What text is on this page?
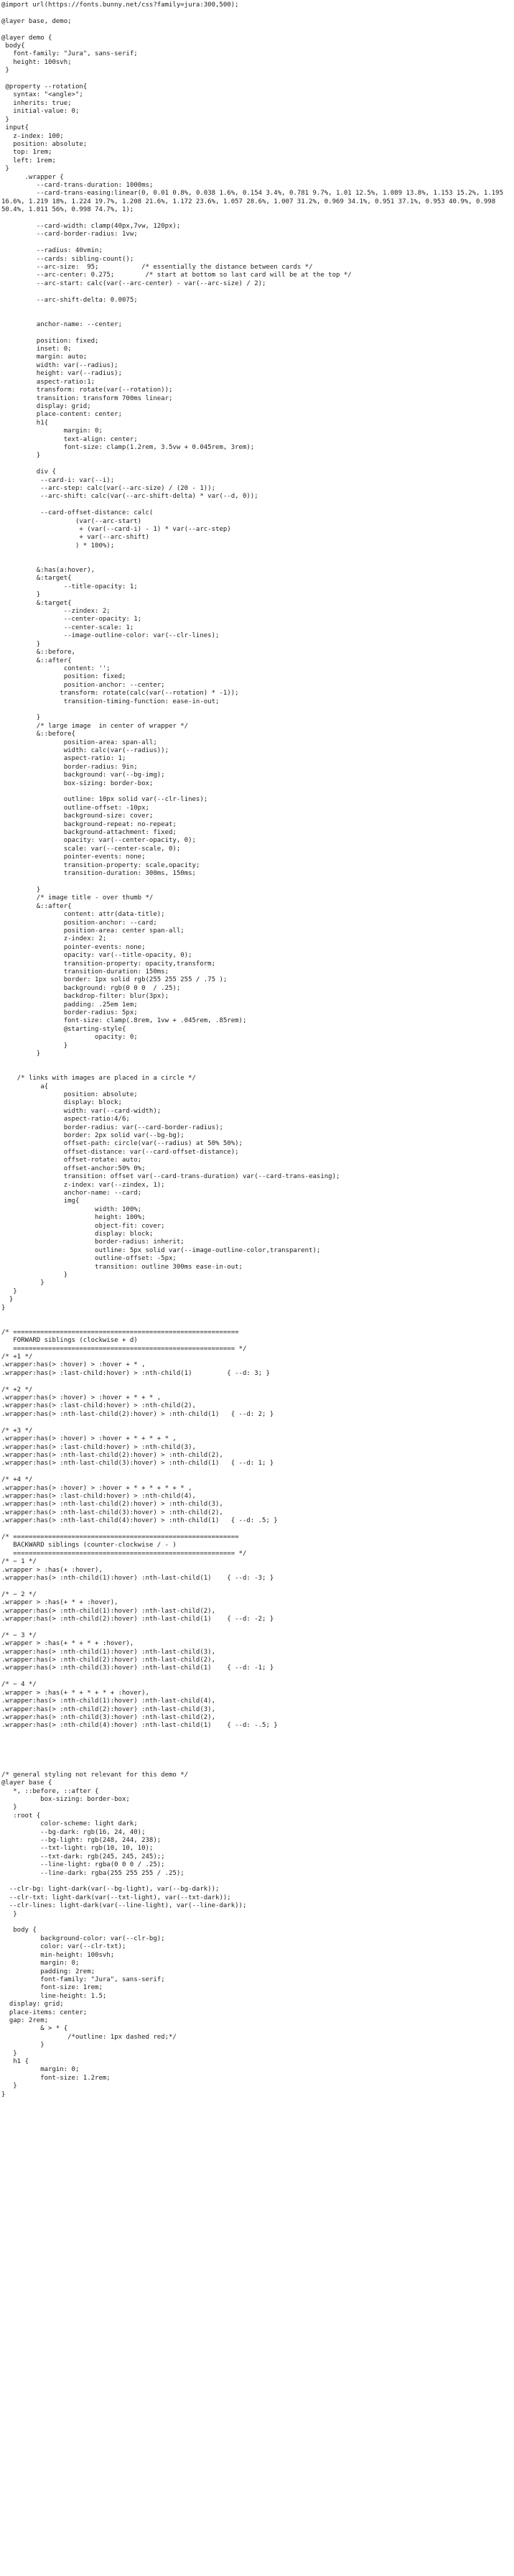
@import url(https://fonts.bunny.net/css?family=jura:300,500);

@layer base, demo;

@layer demo {
body{
font-family: "Jura", sans-serif;
height: 100svh;
}

@property --rotation{
syntax: "<angle>";
inherits: true;
initial-value: 0;
}
input{
z-index: 100;
position: absolute;
top: 1rem;
left: 1rem;
}
.wrapper {
--card-trans-duration: 1000ms;
--card-trans-easing:linear(0, 0.01 0.8%, 0.038 1.6%, 0.154 3.4%, 0.781 9.7%, 1.01 12.5%, 1.089 13.8%, 1.153 15.2%, 1.195 16.6%, 1.219 18%, 1.224 19.7%, 1.208 21.6%, 1.172 23.6%, 1.057 28.6%, 1.007 31.2%, 0.969 34.1%, 0.951 37.1%, 0.953 40.9%, 0.998 50.4%, 1.011 56%, 0.998 74.7%, 1);

--card-width: clamp(40px,7vw, 120px);
--card-border-radius: 1vw;

--radius: 40vmin;
--cards: sibling-count();
--arc-size:  95;           /* essentially the distance between cards */
--arc-center: 0.275;        /* start at bottom so last card will be at the top */
--arc-start: calc(var(--arc-center) - var(--arc-size) / 2);

--arc-shift-delta: 0.0075;

anchor-name: --center;

position: fixed;
inset: 0;
margin: auto;
width: var(--radius);
height: var(--radius);
aspect-ratio:1;
transform: rotate(var(--rotation));
transition: transform 700ms linear;
display: grid;
place-content: center;
h1{
margin: 0;
text-align: center;
font-size: clamp(1.2rem, 3.5vw + 0.045rem, 3rem);
}

div {
--card-i: var(--i);
--arc-step: calc(var(--arc-size) / (20 - 1));
--arc-shift: calc(var(--arc-shift-delta) * var(--d, 0));

--card-offset-distance: calc(
(var(--arc-start)
+ (var(--card-i) - 1) * var(--arc-step)
+ var(--arc-shift)
) * 100%);

&:has(a:hover),
&:target{
--title-opacity: 1;
}
&:target{
--zindex: 2;
--center-opacity: 1;
--center-scale: 1;
--image-outline-color: var(--clr-lines);
}
&::before,
&::after{
content: '';
position: fixed;
position-anchor: --center;
transform: rotate(calc(var(--rotation) * -1));
transition-timing-function: ease-in-out;

}
/* large image  in center of wrapper */
&::before{
position-area: span-all;
width: calc(var(--radius));
aspect-ratio: 1;
border-radius: 9in;
background: var(--bg-img);
box-sizing: border-box;

outline: 10px solid var(--clr-lines);
outline-offset: -10px;
background-size: cover;
background-repeat: no-repeat;
background-attachment: fixed;
opacity: var(--center-opacity, 0);
scale: var(--center-scale, 0);
pointer-events: none;
transition-property: scale,opacity;
transition-duration: 300ms, 150ms;

}
/* image title - over thumb */
&::after{
content: attr(data-title);
position-anchor: --card;
position-area: center span-all;
z-index: 2;
pointer-events: none;
opacity: var(--title-opacity, 0);
transition-property: opacity,transform;
transition-duration: 150ms;
border: 1px solid rgb(255 255 255 / .75 );
background: rgb(0 0 0  / .25);
backdrop-filter: blur(3px);
padding: .25em 1em;
border-radius: 5px;
font-size: clamp(.8rem, 1vw + .045rem, .85rem);
@starting-style{
opacity: 0;
}
}

/* links with images are placed in a circle */
a{
position: absolute;
display: block;
width: var(--card-width);
aspect-ratio:4/6;
border-radius: var(--card-border-radius);
border: 2px solid var(--bg-bg);
offset-path: circle(var(--radius) at 50% 50%);
offset-distance: var(--card-offset-distance);
offset-rotate: auto;
offset-anchor:50% 0%;
transition: offset var(--card-trans-duration) var(--card-trans-easing);
z-index: var(--zindex, 1);
anchor-name: --card;
img{
width: 100%;
height: 100%;
object-fit: cover;
display: block;
border-radius: inherit;
outline: 5px solid var(--image-outline-color,transparent);
outline-offset: -5px;
transition: outline 300ms ease-in-out;
}
}
}
}
}

/* ==========================================================
FORWARD siblings (clockwise + d)
========================================================= */
/* +1 */
.wrapper:has(> :hover) > :hover + * ,
.wrapper:has(> :last-child:hover) > :nth-child(1)         { --d: 3; }

/* +2 */
.wrapper:has(> :hover) > :hover + * + * ,
.wrapper:has(> :last-child:hover) > :nth-child(2),
.wrapper:has(> :nth-last-child(2):hover) > :nth-child(1)   { --d: 2; }

/* +3 */
.wrapper:has(> :hover) > :hover + * + * + * ,
.wrapper:has(> :last-child:hover) > :nth-child(3),
.wrapper:has(> :nth-last-child(2):hover) > :nth-child(2),
.wrapper:has(> :nth-last-child(3):hover) > :nth-child(1)   { --d: 1; }

/* +4 */
.wrapper:has(> :hover) > :hover + * + * + * + * ,
.wrapper:has(> :last-child:hover) > :nth-child(4),
.wrapper:has(> :nth-last-child(2):hover) > :nth-child(3),
.wrapper:has(> :nth-last-child(3):hover) > :nth-child(2),
.wrapper:has(> :nth-last-child(4):hover) > :nth-child(1)   { --d: .5; }

/* ==========================================================
BACKWARD siblings (counter-clockwise / - )
========================================================= */
/* − 1 */
.wrapper > :has(+ :hover),
.wrapper:has(> :nth-child(1):hover) :nth-last-child(1)    { --d: -3; }

/* − 2 */
.wrapper > :has(+ * + :hover),
.wrapper:has(> :nth-child(1):hover) :nth-last-child(2),
.wrapper:has(> :nth-child(2):hover) :nth-last-child(1)    { --d: -2; }

/* − 3 */
.wrapper > :has(+ * + * + :hover),
.wrapper:has(> :nth-child(1):hover) :nth-last-child(3),
.wrapper:has(> :nth-child(2):hover) :nth-last-child(2),
.wrapper:has(> :nth-child(3):hover) :nth-last-child(1)    { --d: -1; }

/* − 4 */
.wrapper > :has(+ * + * + * + :hover),
.wrapper:has(> :nth-child(1):hover) :nth-last-child(4),
.wrapper:has(> :nth-child(2):hover) :nth-last-child(3),
.wrapper:has(> :nth-child(3):hover) :nth-last-child(2),
.wrapper:has(> :nth-child(4):hover) :nth-last-child(1)    { --d: -.5; }

/* general styling not relevant for this demo */
@layer base {
*, ::before, ::after {
box-sizing: border-box;
}
:root {
color-scheme: light dark;
--bg-dark: rgb(16, 24, 40);
--bg-light: rgb(248, 244, 238);
--txt-light: rgb(10, 10, 10);
--txt-dark: rgb(245, 245, 245);;
--line-light: rgba(0 0 0 / .25);
--line-dark: rgba(255 255 255 / .25);

--clr-bg: light-dark(var(--bg-light), var(--bg-dark));
--clr-txt: light-dark(var(--txt-light), var(--txt-dark));
--clr-lines: light-dark(var(--line-light), var(--line-dark));
}

body {
background-color: var(--clr-bg);
color: var(--clr-txt);
min-height: 100svh;
margin: 0;
padding: 2rem;
font-family: "Jura", sans-serif;
font-size: 1rem;
line-height: 1.5;
display: grid;
place-items: center;
gap: 2rem;
& > * {
/*outline: 1px dashed red;*/
}
}
h1 {
margin: 0;
font-size: 1.2rem;
}
}
